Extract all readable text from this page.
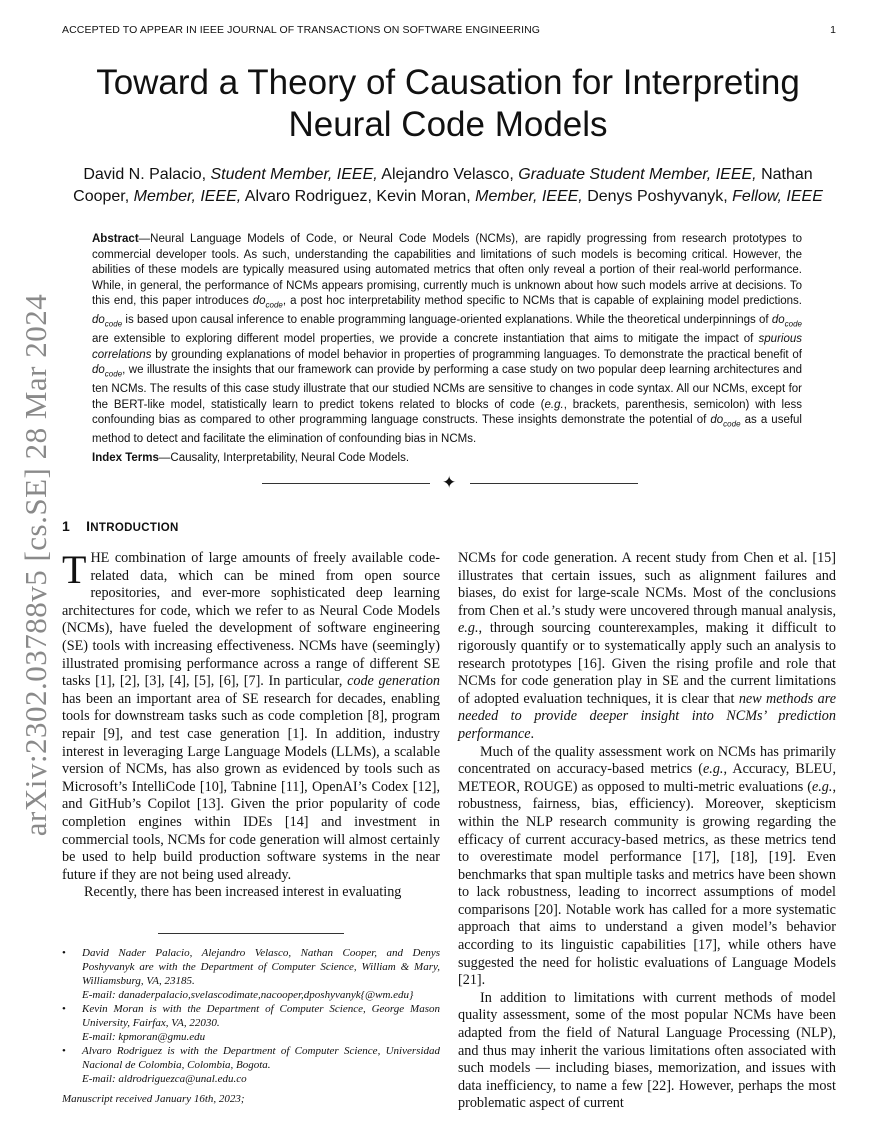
ACCEPTED TO APPEAR IN IEEE JOURNAL OF TRANSACTIONS ON SOFTWARE ENGINEERING	1
Toward a Theory of Causation for Interpreting Neural Code Models
David N. Palacio, Student Member, IEEE, Alejandro Velasco, Graduate Student Member, IEEE, Nathan Cooper, Member, IEEE, Alvaro Rodriguez, Kevin Moran, Member, IEEE, Denys Poshyvanyk, Fellow, IEEE
Abstract—Neural Language Models of Code, or Neural Code Models (NCMs), are rapidly progressing from research prototypes to commercial developer tools. As such, understanding the capabilities and limitations of such models is becoming critical. However, the abilities of these models are typically measured using automated metrics that often only reveal a portion of their real-world performance. While, in general, the performance of NCMs appears promising, currently much is unknown about how such models arrive at decisions. To this end, this paper introduces $do_{code}$, a post hoc interpretability method specific to NCMs that is capable of explaining model predictions. $do_{code}$ is based upon causal inference to enable programming language-oriented explanations. While the theoretical underpinnings of $do_{code}$ are extensible to exploring different model properties, we provide a concrete instantiation that aims to mitigate the impact of spurious correlations by grounding explanations of model behavior in properties of programming languages. To demonstrate the practical benefit of $do_{code}$, we illustrate the insights that our framework can provide by performing a case study on two popular deep learning architectures and ten NCMs. The results of this case study illustrate that our studied NCMs are sensitive to changes in code syntax. All our NCMs, except for the BERT-like model, statistically learn to predict tokens related to blocks of code (e.g., brackets, parenthesis, semicolon) with less confounding bias as compared to other programming language constructs. These insights demonstrate the potential of $do_{code}$ as a useful method to detect and facilitate the elimination of confounding bias in NCMs.
Index Terms—Causality, Interpretability, Neural Code Models.
✦
1 INTRODUCTION

THE combination of large amounts of freely available code-related data, which can be mined from open source repositories, and ever-more sophisticated deep learning architectures for code, which we refer to as Neural Code Models (NCMs), have fueled the development of software engineering (SE) tools with increasing effectiveness. NCMs have (seemingly) illustrated promising performance across a range of different SE tasks [1], [2], [3], [4], [5], [6], [7]. In particular, code generation has been an important area of SE research for decades, enabling tools for downstream tasks such as code completion [8], program repair [9], and test case generation [1]. In addition, industry interest in leveraging Large Language Models (LLMs), a scalable version of NCMs, has also grown as evidenced by tools such as Microsoft’s IntelliCode [10], Tabnine [11], OpenAI’s Codex [12], and GitHub’s Copilot [13]. Given the prior popularity of code completion engines within IDEs [14] and investment in commercial tools, NCMs for code generation will almost certainly be used to help build production software systems in the near future if they are not being used already.

Recently, there has been increased interest in evaluating

• David Nader Palacio, Alejandro Velasco, Nathan Cooper, and Denys Poshyvanyk are with the Department of Computer Science, William & Mary, Williamsburg, VA, 23185.
E-mail: danaderpalacio,svelascodimate,nacooper,dposhyvanyk{@wm.edu}
• Kevin Moran is with the Department of Computer Science, George Mason University, Fairfax, VA, 22030.
E-mail: kpmoran@gmu.edu
• Alvaro Rodriguez is with the Department of Computer Science, Universidad Nacional de Colombia, Colombia, Bogota.
E-mail: aldrodriguezca@unal.edu.co
Manuscript received January 16th, 2023;

NCMs for code generation. A recent study from Chen et al. [15] illustrates that certain issues, such as alignment failures and biases, do exist for large-scale NCMs. Most of the conclusions from Chen et al.’s study were uncovered through manual analysis, e.g., through sourcing counterexamples, making it difficult to rigorously quantify or to systematically apply such an analysis to research prototypes [16]. Given the rising profile and role that NCMs for code generation play in SE and the current limitations of adopted evaluation techniques, it is clear that new methods are needed to provide deeper insight into NCMs’ prediction performance.

Much of the quality assessment work on NCMs has primarily concentrated on accuracy-based metrics (e.g., Accuracy, BLEU, METEOR, ROUGE) as opposed to multi-metric evaluations (e.g., robustness, fairness, bias, efficiency). Moreover, skepticism within the NLP research community is growing regarding the efficacy of current accuracy-based metrics, as these metrics tend to overestimate model performance [17], [18], [19]. Even benchmarks that span multiple tasks and metrics have been shown to lack robustness, leading to incorrect assumptions of model comparisons [20]. Notable work has called for a more systematic approach that aims to understand a given model’s behavior according to its linguistic capabilities [17], while others have suggested the need for holistic evaluations of Language Models [21].

In addition to limitations with current methods of model quality assessment, some of the most popular NCMs have been adapted from the field of Natural Language Processing (NLP), and thus may inherit the various limitations often associated with such models — including biases, memorization, and issues with data inefficiency, to name a few [22]. However, perhaps the most problematic aspect of current

arXiv:2302.03788v5 [cs.SE] 28 Mar 2024
